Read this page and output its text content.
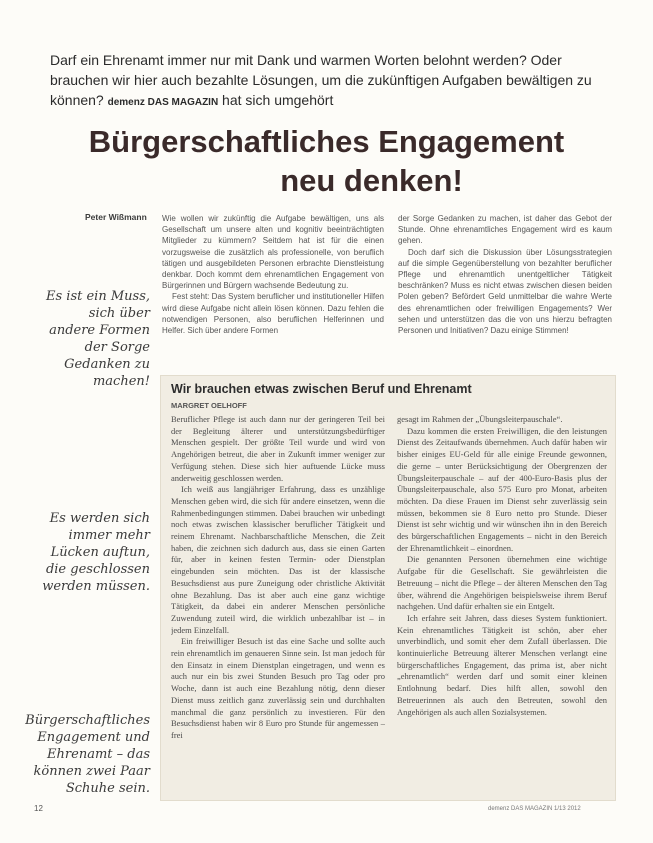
Darf ein Ehrenamt immer nur mit Dank und warmen Worten belohnt werden? Oder brauchen wir hier auch bezahlte Lösungen, um die zukünftigen Aufgaben bewältigen zu können? demenz DAS MAGAZIN hat sich umgehört
Bürgerschaftliches Engagement
neu denken!
Peter Wißmann
Es ist ein Muss, sich über andere Formen der Sorge Gedanken zu machen!
Es werden sich immer mehr Lücken auftun, die geschlossen werden müssen.
Bürgerschaftliches Engagement und Ehrenamt – das können zwei Paar Schuhe sein.

Wie wollen wir zukünftig die Aufgabe bewältigen, uns als Gesellschaft um unsere alten und kognitiv beeinträchtigten Mitglieder zu kümmern? Seitdem hat ist für die einen vorzugsweise die zusätzlich als professionelle, von beruflich tätigen und ausgebildeten Personen erbrachte Dienstleistung denkbar. Doch kommt dem ehrenamtlichen Engagement von Bürgerinnen und Bürgern wachsende Bedeutung zu.

Fest steht: Das System beruflicher und institutioneller Hilfen wird diese Aufgabe nicht allein lösen können. Dazu fehlen die notwendigen Personen, also beruflichen Helferinnen und Helfer. Sich über andere Formen

der Sorge Gedanken zu machen, ist daher das Gebot der Stunde. Ohne ehrenamtliches Engagement wird es kaum gehen.

Doch darf sich die Diskussion über Lösungsstrategien auf die simple Gegenüberstellung von bezahlter beruflicher Pflege und ehrenamtlich unentgeltlicher Tätigkeit beschränken? Muss es nicht etwas zwischen diesen beiden Polen geben? Befördert Geld unmittelbar die wahre Werte des ehrenamtlichen oder freiwilligen Engagements? Wer sehen und unterstützen das die von uns hierzu befragten Personen und Initiativen? Dazu einige Stimmen!

Wir brauchen etwas zwischen Beruf und Ehrenamt
MARGRET OELHOFF

Beruflicher Pflege ist auch dann nur der geringeren Teil bei der Begleitung älterer und unterstützungsbedürftiger Menschen gespielt. Der größte Teil wurde und wird von Angehörigen betreut, die aber in Zukunft immer weniger zur Verfügung stehen. Diese sich hier auftuende Lücke muss anderweitig geschlossen werden.

Ich weiß aus langjähriger Erfahrung, dass es unzählige Menschen geben wird, die sich für andere einsetzen, wenn die Rahmenbedingungen stimmen. Dabei brauchen wir unbedingt noch etwas zwischen klassischer beruflicher Tätigkeit und reinem Ehrenamt. Nachbarschaftliche Menschen, die Zeit haben, die zeichnen sich dadurch aus, dass sie einen Garten für, aber in keinen festen Termin- oder Dienstplan eingebunden sein möchten. Das ist der klassische Besuchsdienst aus pure Zuneigung oder christliche Aktivität ohne Bezahlung. Das ist aber auch eine ganz wichtige Tätigkeit, da dabei ein anderer Menschen persönliche Zuwendung zuteil wird, die wirklich unbezahlbar ist – in jedem Einzelfall.

Ein freiwilliger Besuch ist das eine Sache und sollte auch rein ehrenamtlich im genaueren Sinne sein. Ist man jedoch für den Einsatz in einem Dienstplan eingetragen, und wenn es auch nur ein bis zwei Stunden Besuch pro Tag oder pro Woche, dann ist auch eine Bezahlung nötig, denn dieser Dienst muss zeitlich ganz zuverlässig sein und durchhalten manchmal die ganz persönlich zu investieren. Für den Besuchsdienst haben wir 8 Euro pro Stunde für angemessen – frei

gesagt im Rahmen der „Übungsleiterpauschale“.

Dazu kommen die ersten Freiwilligen, die den leistungen Dienst des Zeitaufwands übernehmen. Auch dafür haben wir bisher einiges EU-Geld für alle einige Freunde gewonnen, die gerne – unter Berücksichtigung der Obergrenzen der Übungsleiterpauschale – auf der 400-Euro-Basis plus der Übungsleiterpauschale, also 575 Euro pro Monat, arbeiten möchten. Da diese Frauen im Dienst sehr zuverlässig sein müssen, bekommen sie 8 Euro netto pro Stunde. Dieser Dienst ist sehr wichtig und wir wünschen ihn in den Bereich des bürgerschaftlichen Engagements – nicht in den Bereich der Ehrenamtlichkeit – einordnen.

Die genannten Personen übernehmen eine wichtige Aufgabe für die Gesellschaft. Sie gewährleisten die Betreuung – nicht die Pflege – der älteren Menschen den Tag über, während die Angehörigen beispielsweise ihrem Beruf nachgehen. Und dafür erhalten sie ein Entgelt.

Ich erfahre seit Jahren, dass dieses System funktioniert. Kein ehrenamtliches Tätigkeit ist schön, aber eher unverbindlich, und somit eher dem Zufall überlassen. Die kontinuierliche Betreuung älterer Menschen verlangt eine bürgerschaftliches Engagement, das prima ist, aber nicht „ehrenamtlich“ werden darf und somit einer kleinen Entlohnung bedarf. Dies hilft allen, sowohl den Betreuerinnen als auch den Betreuten, sowohl den Angehörigen als auch allen Sozialsystemen.

12	demenz DAS MAGAZIN 1/13 2012
